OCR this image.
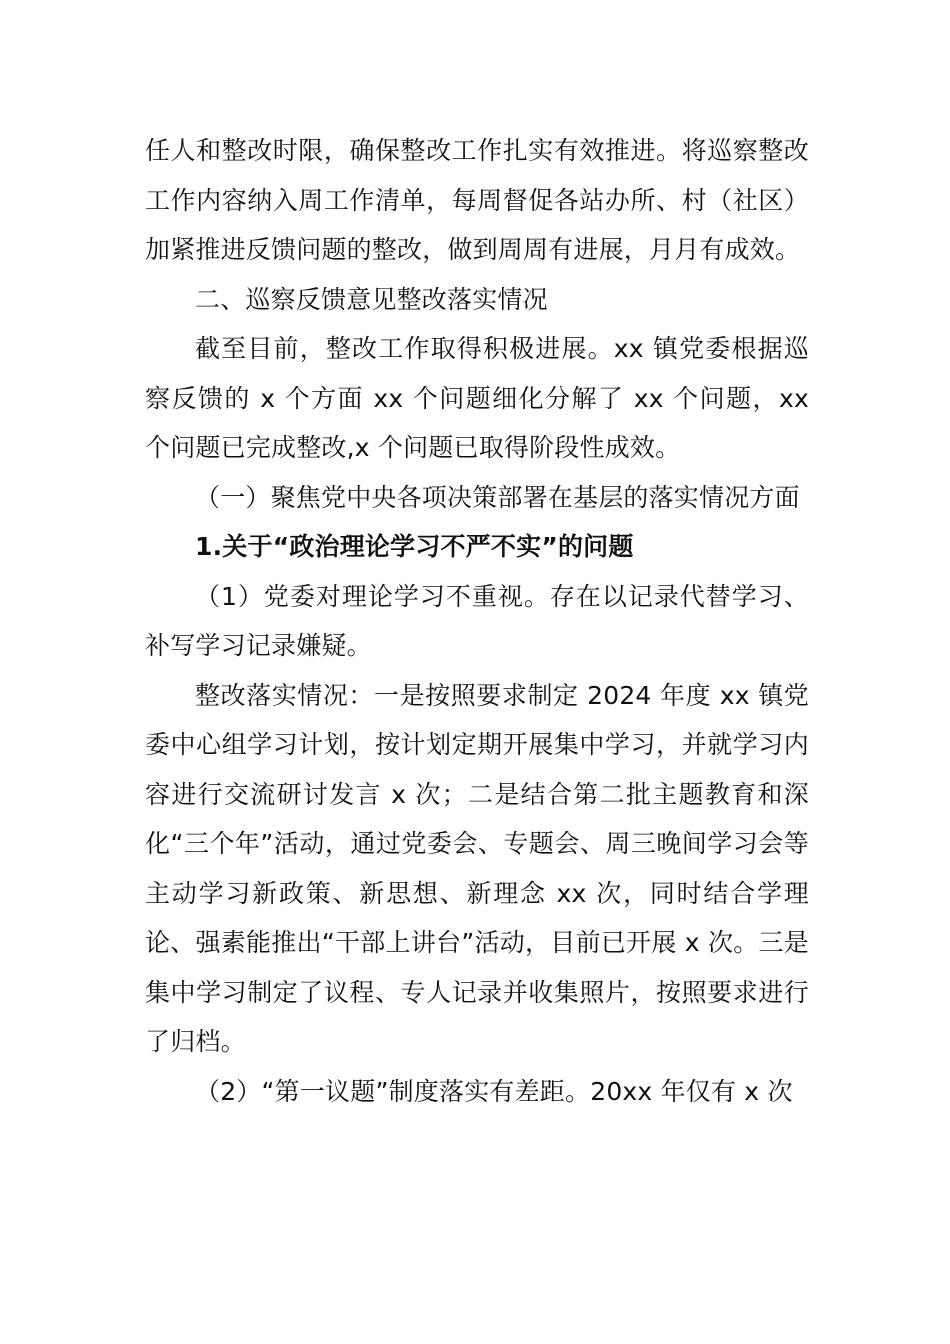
任人和整改时限，确保整改工作扎实有效推进。将巡察整改工作内容纳入周工作清单，每周督促各站办所、村（社区）加紧推进反馈问题的整改，做到周周有进展，月月有成效。

二、巡察反馈意见整改落实情况

截至目前，整改工作取得积极进展。xx 镇党委根据巡察反馈的 x 个方面 xx 个问题细化分解了 xx 个问题，xx 个问题已完成整改,x 个问题已取得阶段性成效。

（一）聚焦党中央各项决策部署在基层的落实情况方面

1.关于“政治理论学习不严不实”的问题

（1）党委对理论学习不重视。存在以记录代替学习、补写学习记录嫌疑。

整改落实情况：一是按照要求制定 2024 年度 xx 镇党委中心组学习计划，按计划定期开展集中学习，并就学习内容进行交流研讨发言 x 次；二是结合第二批主题教育和深化“三个年”活动，通过党委会、专题会、周三晚间学习会等主动学习新政策、新思想、新理念 xx 次，同时结合学理论、强素能推出“干部上讲台”活动，目前已开展 x 次。三是集中学习制定了议程、专人记录并收集照片，按照要求进行了归档。

（2）“第一议题”制度落实有差距。20xx 年仅有 x 次
